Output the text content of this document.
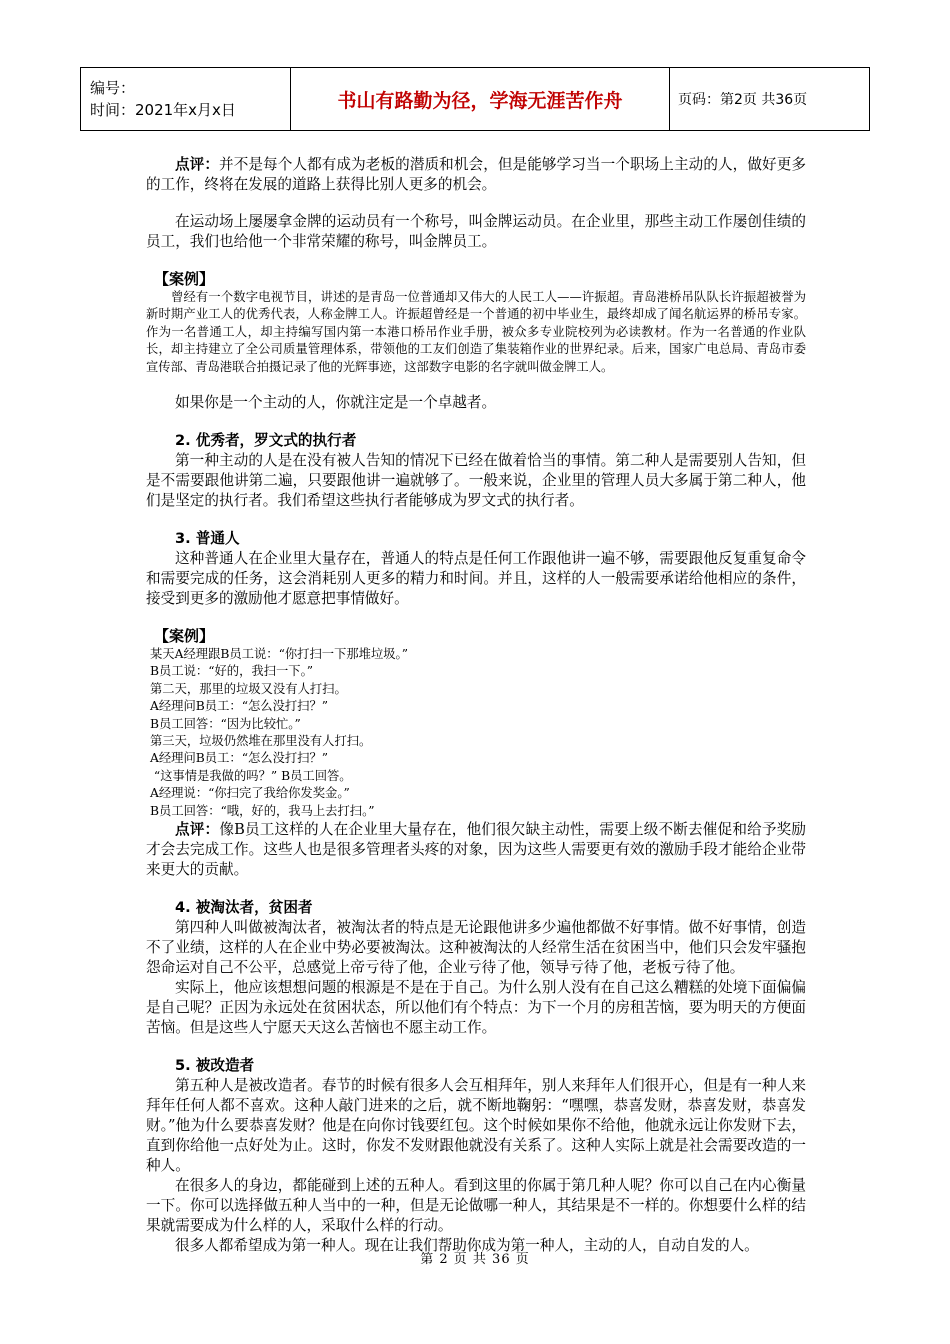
编号：
时间：2021年x月x日	书山有路勤为径，学海无涯苦作舟	页码：第2页 共36页

点评：并不是每个人都有成为老板的潜质和机会，但是能够学习当一个职场上主动的人，做好更多的工作，终将在发展的道路上获得比别人更多的机会。

在运动场上屡屡拿金牌的运动员有一个称号，叫金牌运动员。在企业里，那些主动工作屡创佳绩的员工，我们也给他一个非常荣耀的称号，叫金牌员工。

【案例】

曾经有一个数字电视节目，讲述的是青岛一位普通却又伟大的人民工人——许振超。青岛港桥吊队队长许振超被誉为新时期产业工人的优秀代表，人称金牌工人。许振超曾经是一个普通的初中毕业生，最终却成了闻名航运界的桥吊专家。作为一名普通工人，却主持编写国内第一本港口桥吊作业手册，被众多专业院校列为必读教材。作为一名普通的作业队长，却主持建立了全公司质量管理体系，带领他的工友们创造了集装箱作业的世界纪录。后来，国家广电总局、青岛市委宣传部、青岛港联合拍摄记录了他的光辉事迹，这部数字电影的名字就叫做金牌工人。

如果你是一个主动的人，你就注定是一个卓越者。

2. 优秀者，罗文式的执行者

第一种主动的人是在没有被人告知的情况下已经在做着恰当的事情。第二种人是需要别人告知，但是不需要跟他讲第二遍，只要跟他讲一遍就够了。一般来说，企业里的管理人员大多属于第二种人，他们是坚定的执行者。我们希望这些执行者能够成为罗文式的执行者。

3. 普通人

这种普通人在企业里大量存在，普通人的特点是任何工作跟他讲一遍不够，需要跟他反复重复命令和需要完成的任务，这会消耗别人更多的精力和时间。并且，这样的人一般需要承诺给他相应的条件，接受到更多的激励他才愿意把事情做好。

【案例】

某天A经理跟B员工说：“你打扫一下那堆垃圾。”

B员工说：“好的，我扫一下。”

第二天，那里的垃圾又没有人打扫。

A经理问B员工：“怎么没打扫？”

B员工回答：“因为比较忙。”

第三天，垃圾仍然堆在那里没有人打扫。

A经理问B员工：“怎么没打扫？”

“这事情是我做的吗？” B员工回答。

A经理说：“你扫完了我给你发奖金。”

B员工回答：“哦，好的，我马上去打扫。”

点评：像B员工这样的人在企业里大量存在，他们很欠缺主动性，需要上级不断去催促和给予奖励才会去完成工作。这些人也是很多管理者头疼的对象，因为这些人需要更有效的激励手段才能给企业带来更大的贡献。

4. 被淘汰者，贫困者

第四种人叫做被淘汰者，被淘汰者的特点是无论跟他讲多少遍他都做不好事情。做不好事情，创造不了业绩，这样的人在企业中势必要被淘汰。这种被淘汰的人经常生活在贫困当中，他们只会发牢骚抱怨命运对自己不公平，总感觉上帝亏待了他，企业亏待了他，领导亏待了他，老板亏待了他。

实际上，他应该想想问题的根源是不是在于自己。为什么别人没有在自己这么糟糕的处境下面偏偏是自己呢？正因为永远处在贫困状态，所以他们有个特点：为下一个月的房租苦恼，要为明天的方便面苦恼。但是这些人宁愿天天这么苦恼也不愿主动工作。

5. 被改造者

第五种人是被改造者。春节的时候有很多人会互相拜年，别人来拜年人们很开心，但是有一种人来拜年任何人都不喜欢。这种人敲门进来的之后，就不断地鞠躬：“嘿嘿，恭喜发财，恭喜发财，恭喜发财。”他为什么要恭喜发财？他是在向你讨钱要红包。这个时候如果你不给他，他就永远让你发财下去，直到你给他一点好处为止。这时，你发不发财跟他就没有关系了。这种人实际上就是社会需要改造的一种人。

在很多人的身边，都能碰到上述的五种人。看到这里的你属于第几种人呢？你可以自己在内心衡量一下。你可以选择做五种人当中的一种，但是无论做哪一种人，其结果是不一样的。你想要什么样的结果就需要成为什么样的人，采取什么样的行动。

很多人都希望成为第一种人。现在让我们帮助你成为第一种人，主动的人，自动自发的人。

第 2 页 共 36 页
